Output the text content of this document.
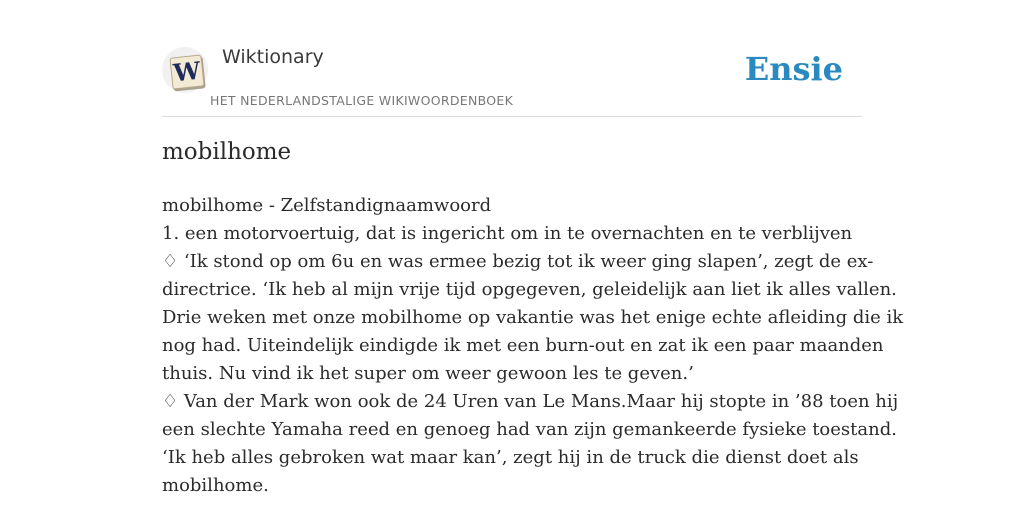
W Wiktionary
HET NEDERLANDSTALIGE WIKIWOORDENBOEK
Ensie
mobilhome

mobilhome - Zelfstandignaamwoord

1. een motorvoertuig, dat is ingericht om in te overnachten en te verblijven

♢ ‘Ik stond op om 6u en was ermee bezig tot ik weer ging slapen’, zegt de ex-
directrice. ‘Ik heb al mijn vrije tijd opgegeven, geleidelijk aan liet ik alles vallen.
Drie weken met onze mobilhome op vakantie was het enige echte afleiding die ik
nog had. Uiteindelijk eindigde ik met een burn-out en zat ik een paar maanden
thuis. Nu vind ik het super om weer gewoon les te geven.’

♢ Van der Mark won ook de 24 Uren van Le Mans.Maar hij stopte in ’88 toen hij
een slechte Yamaha reed en genoeg had van zijn gemankeerde fysieke toestand.
‘Ik heb alles gebroken wat maar kan’, zegt hij in de truck die dienst doet als
mobilhome.
